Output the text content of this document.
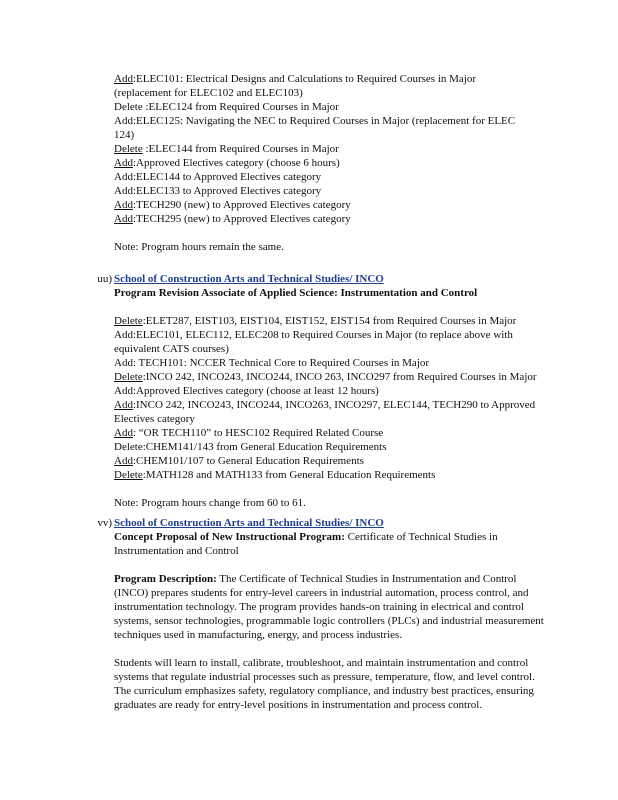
Add:ELEC101: Electrical Designs and Calculations to Required Courses in Major
(replacement for ELEC102 and ELEC103)
Delete :ELEC124 from Required Courses in Major
Add:ELEC125: Navigating the NEC to Required Courses in Major (replacement for ELEC
124)
Delete :ELEC144 from Required Courses in Major
Add:Approved Electives category (choose 6 hours)
Add:ELEC144 to Approved Electives category
Add:ELEC133 to Approved Electives category
Add:TECH290 (new) to Approved Electives category
Add:TECH295 (new) to Approved Electives category
Note: Program hours remain the same.
uu) School of Construction Arts and Technical Studies/ INCO
Program Revision Associate of Applied Science: Instrumentation and Control
Delete:ELET287, EIST103, EIST104, EIST152, EIST154 from Required Courses in Major
Add:ELEC101, ELEC112, ELEC208 to Required Courses in Major (to replace above with
equivalent CATS courses)
Add: TECH101: NCCER Technical Core to Required Courses in Major
Delete:INCO 242, INCO243, INCO244, INCO 263, INCO297 from Required Courses in Major
Add:Approved Electives category (choose at least 12 hours)
Add:INCO 242, INCO243, INCO244, INCO263, INCO297, ELEC144, TECH290 to Approved
Electives category
Add: “OR TECH110” to HESC102 Required Related Course
Delete:CHEM141/143 from General Education Requirements
Add:CHEM101/107 to General Education Requirements
Delete:MATH128 and MATH133 from General Education Requirements
Note: Program hours change from 60 to 61.
vv) School of Construction Arts and Technical Studies/ INCO
Concept Proposal of New Instructional Program: Certificate of Technical Studies in
Instrumentation and Control

Program Description: The Certificate of Technical Studies in Instrumentation and Control (INCO) prepares students for entry-level careers in industrial automation, process control, and instrumentation technology. The program provides hands-on training in electrical and control systems, sensor technologies, programmable logic controllers (PLCs) and industrial measurement techniques used in manufacturing, energy, and process industries.

Students will learn to install, calibrate, troubleshoot, and maintain instrumentation and control systems that regulate industrial processes such as pressure, temperature, flow, and level control. The curriculum emphasizes safety, regulatory compliance, and industry best practices, ensuring graduates are ready for entry-level positions in instrumentation and process control.
